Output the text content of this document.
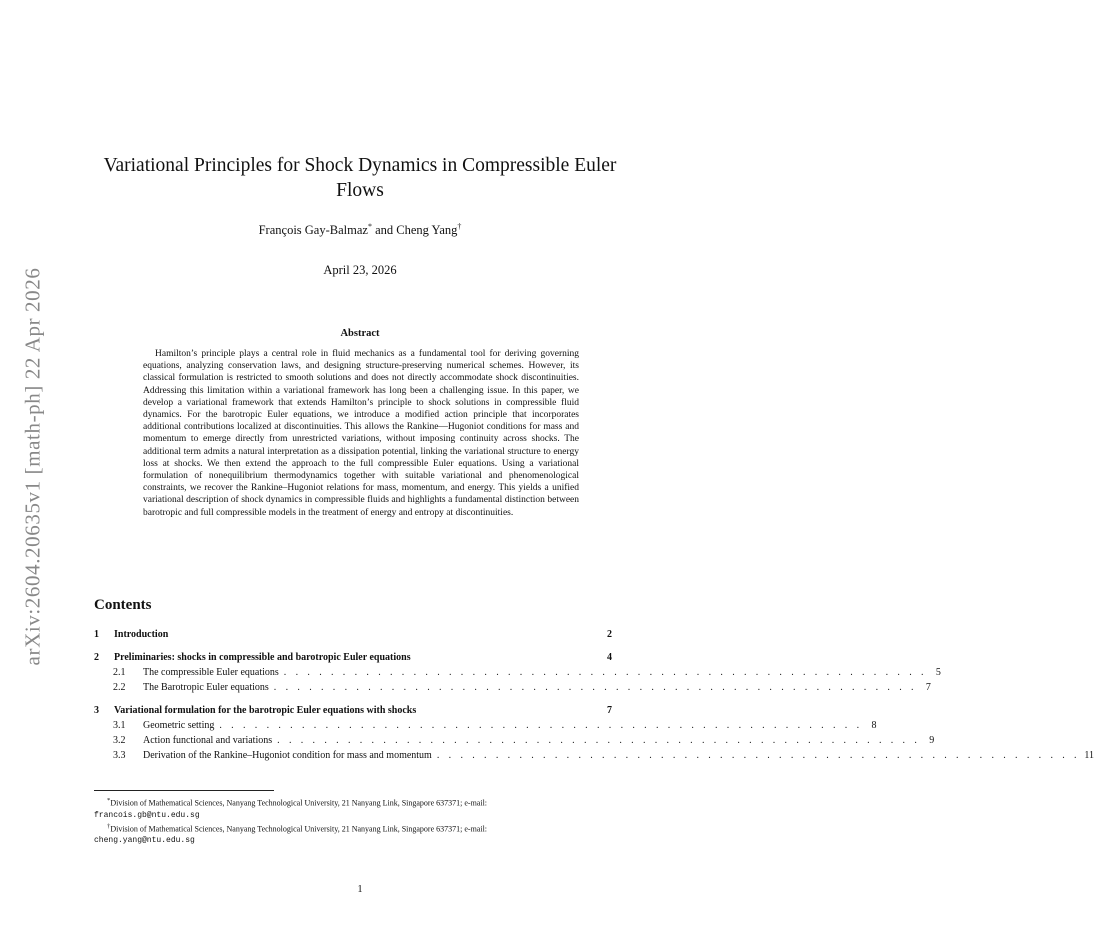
arXiv:2604.20635v1 [math-ph] 22 Apr 2026
Variational Principles for Shock Dynamics in Compressible Euler Flows
François Gay-Balmaz* and Cheng Yang†
April 23, 2026
Abstract

Hamilton’s principle plays a central role in fluid mechanics as a fundamental tool for deriving governing equations, analyzing conservation laws, and designing structure-preserving numerical schemes. However, its classical formulation is restricted to smooth solutions and does not directly accommodate shock discontinuities. Addressing this limitation within a variational framework has long been a challenging issue. In this paper, we develop a variational framework that extends Hamilton’s principle to shock solutions in compressible fluid dynamics. For the barotropic Euler equations, we introduce a modified action principle that incorporates additional contributions localized at discontinuities. This allows the Rankine—Hugoniot conditions for mass and momentum to emerge directly from unrestricted variations, without imposing continuity across shocks. The additional term admits a natural interpretation as a dissipation potential, linking the variational structure to energy loss at shocks. We then extend the approach to the full compressible Euler equations. Using a variational formulation of nonequilibrium thermodynamics together with suitable variational and phenomenological constraints, we recover the Rankine–Hugoniot relations for mass, momentum, and energy. This yields a unified variational description of shock dynamics in compressible fluids and highlights a fundamental distinction between barotropic and full compressible models in the treatment of energy and entropy at discontinuities.

Contents
1	Introduction	2
2	Preliminaries: shocks in compressible and barotropic Euler equations	4
2.1	The compressible Euler equations . . . . . . . . . . . . . . . . . . . . . . . . . . . . . . . . . . . . . . . . . . . . . . . . . . . . . . . 5
2.2	The Barotropic Euler equations . . . . . . . . . . . . . . . . . . . . . . . . . . . . . . . . . . . . . . . . . . . . . . . . . . . . . . . 7
3	Variational formulation for the barotropic Euler equations with shocks	7
3.1	Geometric setting . . . . . . . . . . . . . . . . . . . . . . . . . . . . . . . . . . . . . . . . . . . . . . . . . . . . . . . 8
3.2	Action functional and variations . . . . . . . . . . . . . . . . . . . . . . . . . . . . . . . . . . . . . . . . . . . . . . . . . . . . . . . 9
3.3	Derivation of the Rankine–Hugoniot condition for mass and momentum . . . . . . . . . . . . . . . . . . . . . . . . . . . . . . . . . . . . . . . . . . . . . . . . . . . . . . . 11
*Division of Mathematical Sciences, Nanyang Technological University, 21 Nanyang Link, Singapore 637371; e-mail:
francois.gb@ntu.edu.sg
†Division of Mathematical Sciences, Nanyang Technological University, 21 Nanyang Link, Singapore 637371; e-mail:
cheng.yang@ntu.edu.sg
1
